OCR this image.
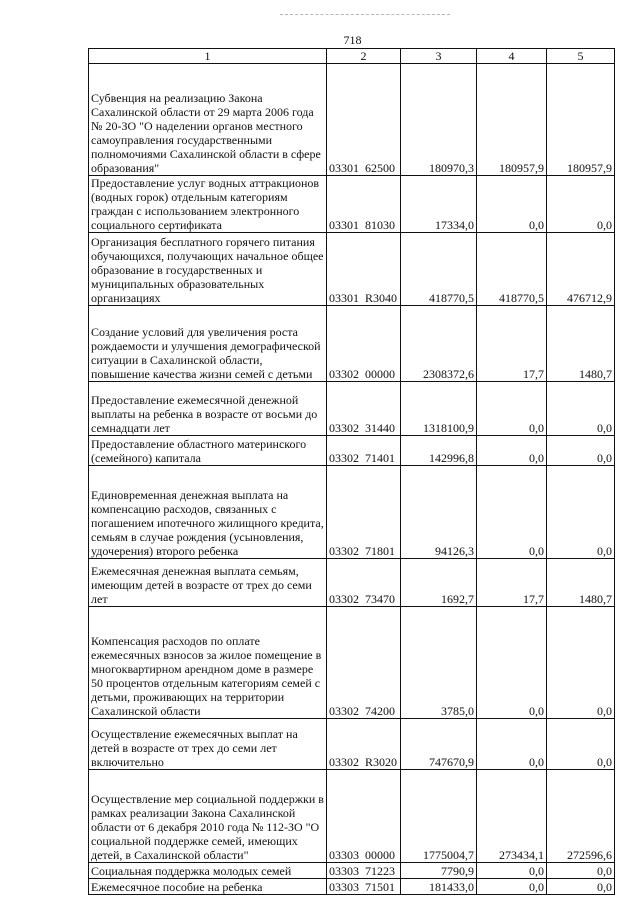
718
1	2	3	4	5
Субвенция на реализацию Закона Сахалинской области от 29 марта 2006 года № 20-ЗО "О наделении органов местного самоуправления государственными полномочиями Сахалинской области в сфере образования"	03301  62500	180970,3	180957,9	180957,9
Предоставление услуг водных аттракционов (водных горок) отдельным категориям граждан с использованием электронного социального сертификата	03301  81030	17334,0	0,0	0,0
Организация бесплатного горячего питания обучающихся, получающих начальное общее образование в государственных и муниципальных образовательных организациях	03301  R3040	418770,5	418770,5	476712,9
Создание условий для увеличения роста рождаемости и улучшения демографической ситуации в Сахалинской области, повышение качества жизни семей с детьми	03302  00000	2308372,6	17,7	1480,7
Предоставление ежемесячной денежной выплаты на ребенка в возрасте от восьми до семнадцати лет	03302  31440	1318100,9	0,0	0,0
Предоставление областного материнского (семейного) капитала	03302  71401	142996,8	0,0	0,0
Единовременная денежная выплата на компенсацию расходов, связанных с погашением ипотечного жилищного кредита, семьям в случае рождения (усыновления, удочерения) второго ребенка	03302  71801	94126,3	0,0	0,0
Ежемесячная денежная выплата семьям, имеющим детей в возрасте от трех до семи лет	03302  73470	1692,7	17,7	1480,7
Компенсация расходов по оплате ежемесячных взносов за жилое помещение в многоквартирном арендном доме в размере 50 процентов отдельным категориям семей с детьми, проживающих на территории Сахалинской области	03302  74200	3785,0	0,0	0,0
Осуществление ежемесячных выплат на детей в возрасте от трех до семи лет включительно	03302  R3020	747670,9	0,0	0,0
Осуществление мер социальной поддержки в рамках реализации Закона Сахалинской области от 6 декабря 2010 года № 112-ЗО "О социальной поддержке семей, имеющих детей, в Сахалинской области"	03303  00000	1775004,7	273434,1	272596,6
Социальная поддержка молодых семей	03303  71223	7790,9	0,0	0,0
Ежемесячное пособие на ребенка	03303  71501	181433,0	0,0	0,0
